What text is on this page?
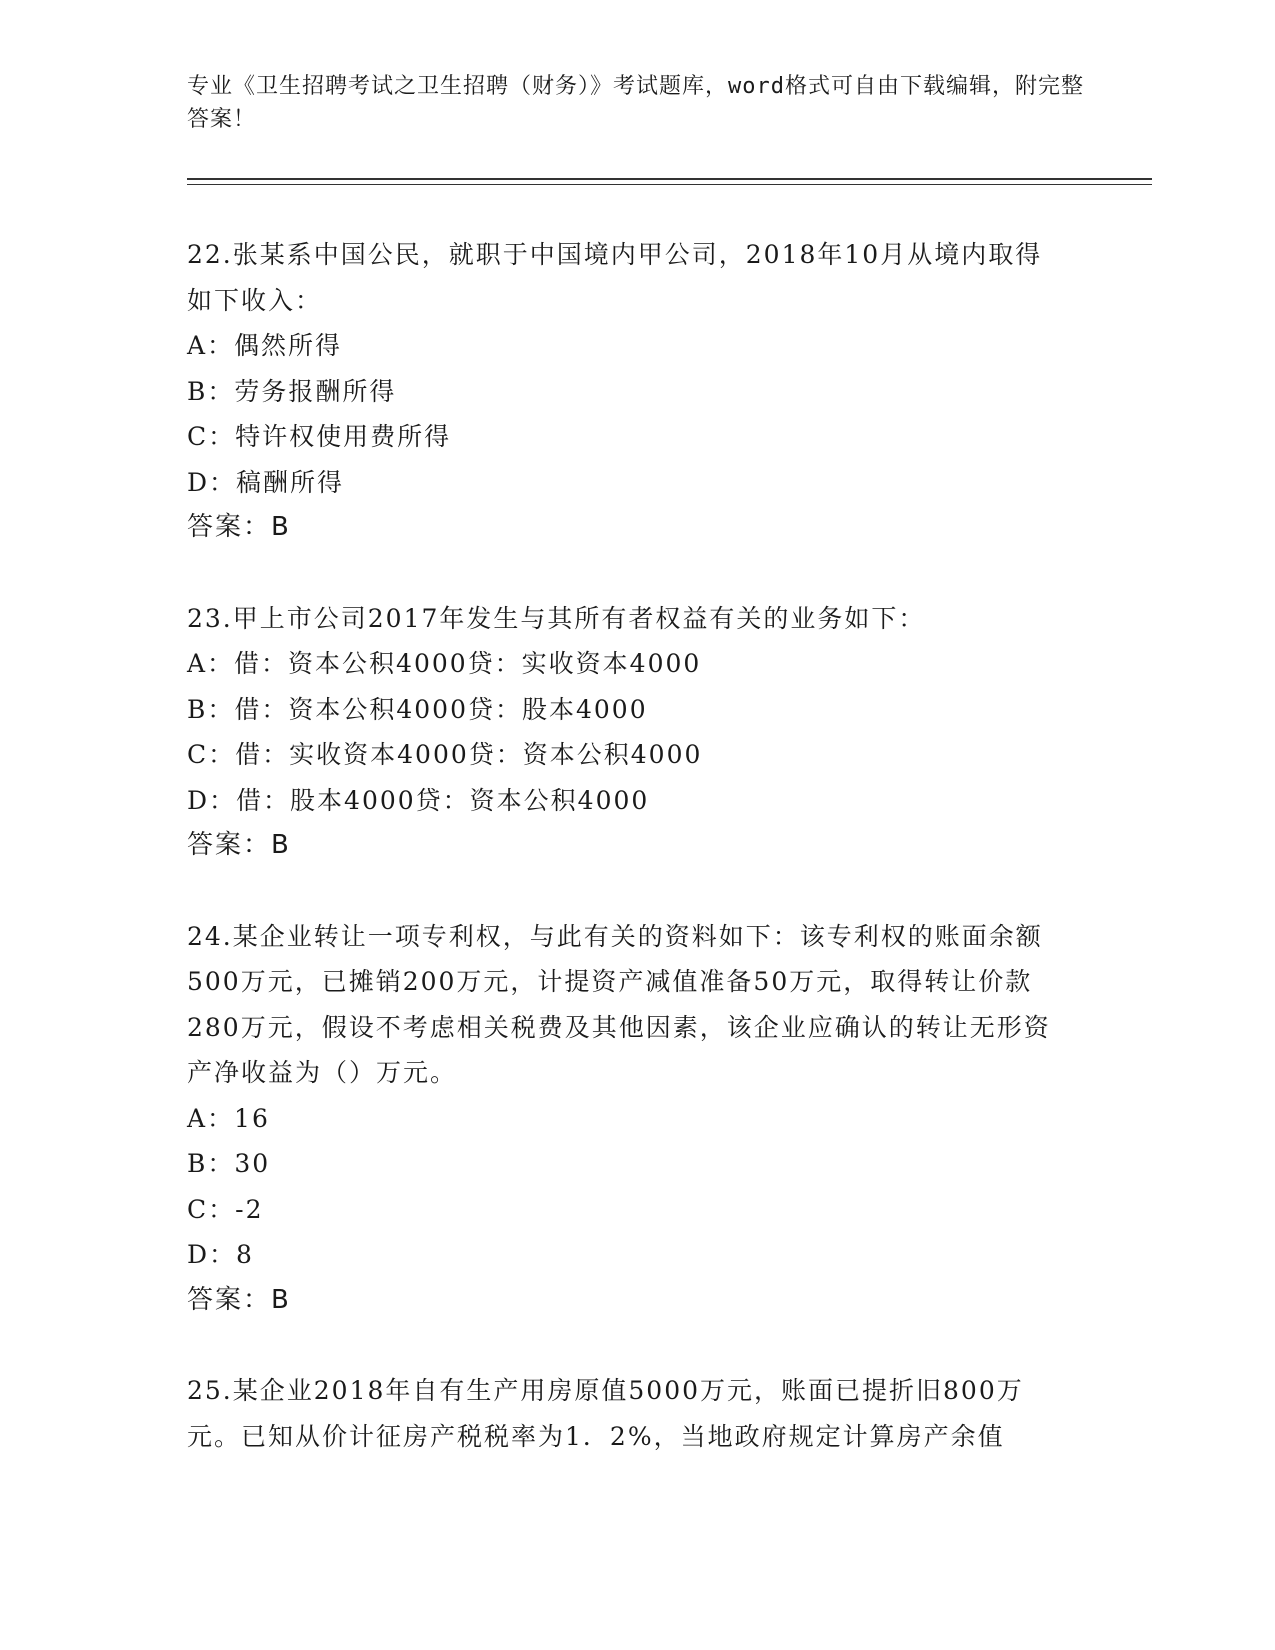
专业《卫生招聘考试之卫生招聘（财务）》考试题库，word格式可自由下载编辑，附完整答案！

22.张某系中国公民，就职于中国境内甲公司，2018年10月从境内取得如下收入：

A：偶然所得

B：劳务报酬所得

C：特许权使用费所得

D：稿酬所得

答案：B

23.甲上市公司2017年发生与其所有者权益有关的业务如下：

A：借：资本公积4000贷：实收资本4000

B：借：资本公积4000贷：股本4000

C：借：实收资本4000贷：资本公积4000

D：借：股本4000贷：资本公积4000

答案：B

24.某企业转让一项专利权，与此有关的资料如下：该专利权的账面余额500万元，已摊销200万元，计提资产减值准备50万元，取得转让价款280万元，假设不考虑相关税费及其他因素，该企业应确认的转让无形资产净收益为（）万元。

A：16

B：30

C：-2

D：8

答案：B

25.某企业2018年自有生产用房原值5000万元，账面已提折旧800万元。已知从价计征房产税税率为1．2%，当地政府规定计算房产余值
